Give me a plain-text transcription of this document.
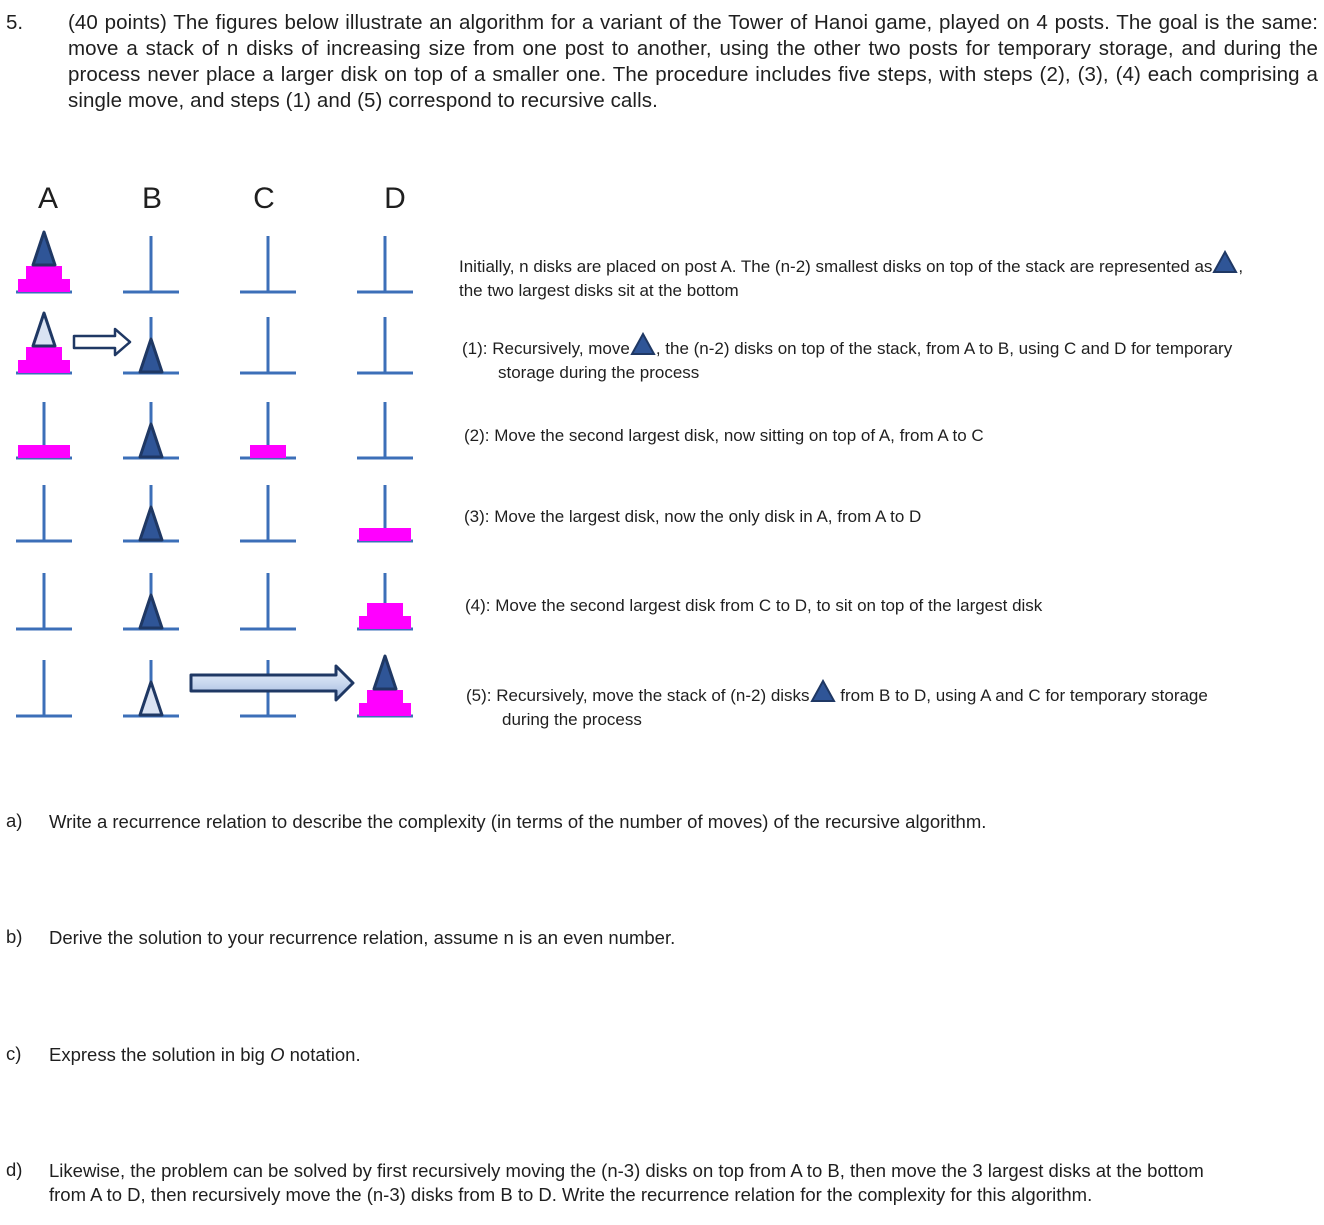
5. (40 points) The figures below illustrate an algorithm for a variant of the Tower of Hanoi game, played on 4 posts. The goal is the same: move a stack of n disks of increasing size from one post to another, using the other two posts for temporary storage, and during the process never place a larger disk on top of a smaller one. The procedure includes five steps, with steps (2), (3), (4) each comprising a single move, and steps (1) and (5) correspond to recursive calls.
A	B	C	D
Initially, n disks are placed on post A. The (n-2) smallest disks on top of the stack are represented as ,
the two largest disks sit at the bottom
(1): Recursively, move , the (n-2) disks on top of the stack, from A to B, using C and D for temporary
storage during the process
(2): Move the second largest disk, now sitting on top of A, from A to C
(3): Move the largest disk, now the only disk in A, from A to D
(4): Move the second largest disk from C to D, to sit on top of the largest disk
(5): Recursively, move the stack of (n-2) disks from B to D, using A and C for temporary storage
during the process
a) Write a recurrence relation to describe the complexity (in terms of the number of moves) of the recursive algorithm.
b) Derive the solution to your recurrence relation, assume n is an even number.
c) Express the solution in big O notation.
d) Likewise, the problem can be solved by first recursively moving the (n-3) disks on top from A to B, then move the 3 largest disks at the bottom
from A to D, then recursively move the (n-3) disks from B to D. Write the recurrence relation for the complexity for this algorithm.
